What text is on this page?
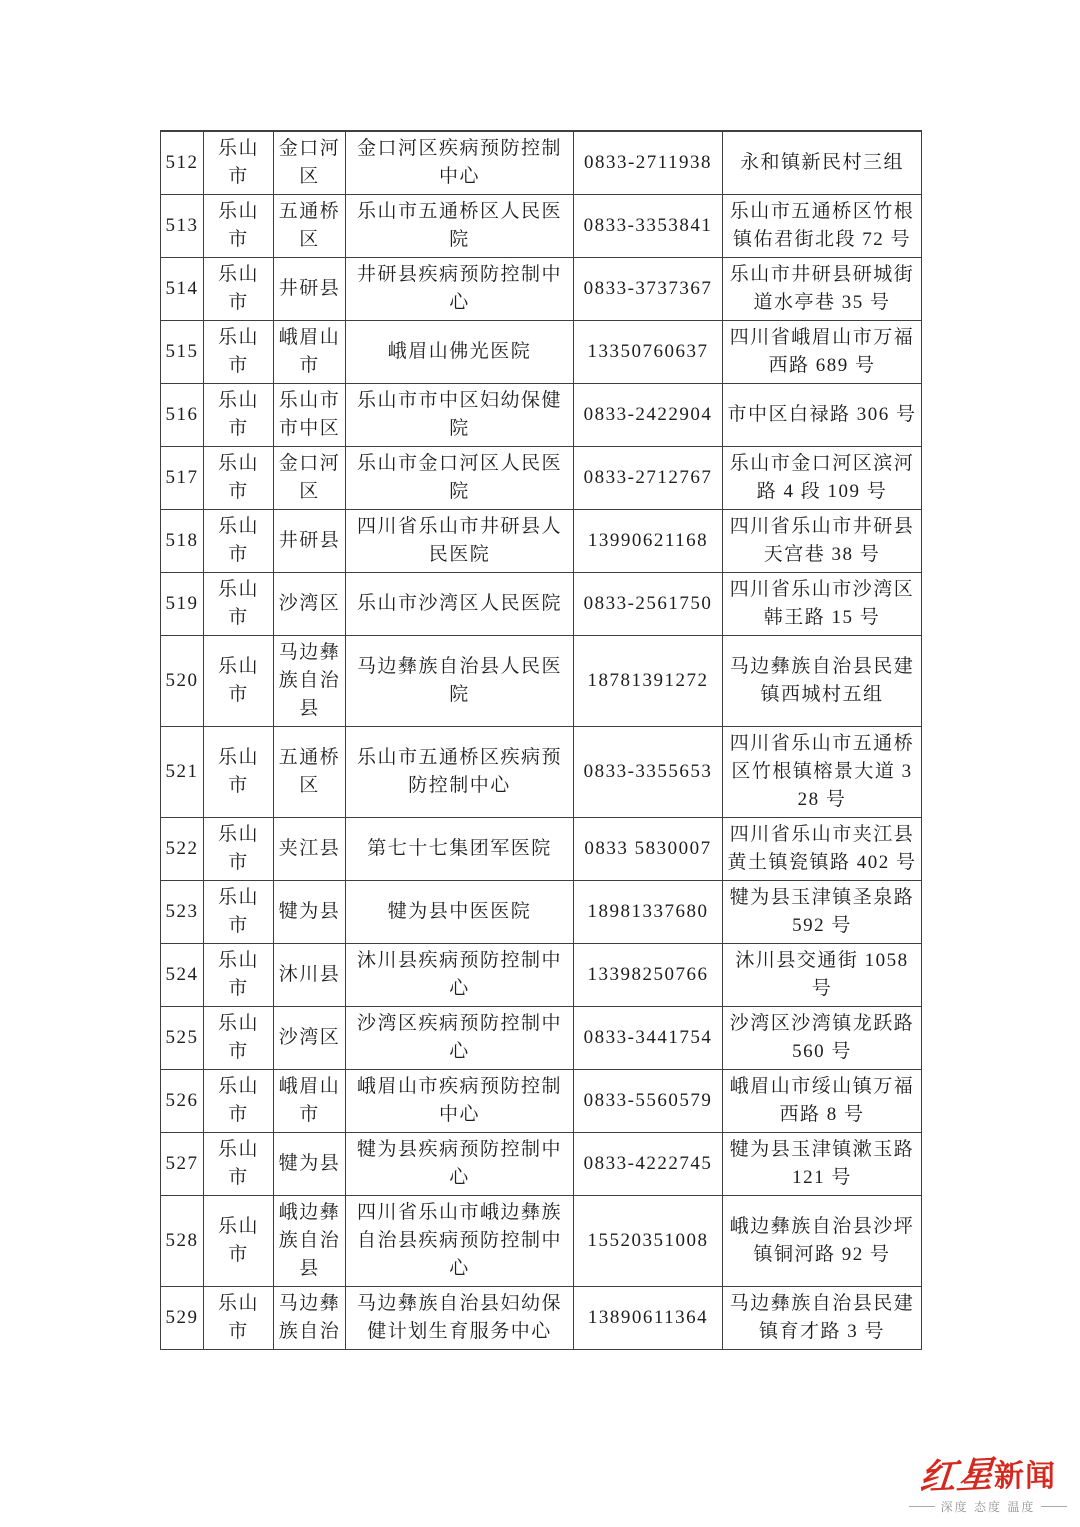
512	乐山市	金口河区	金口河区疾病预防控制中心	0833-2711938	永和镇新民村三组
513	乐山市	五通桥区	乐山市五通桥区人民医院	0833-3353841	乐山市五通桥区竹根镇佑君街北段 72 号
514	乐山市	井研县	井研县疾病预防控制中心	0833-3737367	乐山市井研县研城街道水亭巷 35 号
515	乐山市	峨眉山市	峨眉山佛光医院	13350760637	四川省峨眉山市万福西路 689 号
516	乐山市	乐山市市中区	乐山市市中区妇幼保健院	0833-2422904	市中区白禄路 306 号
517	乐山市	金口河区	乐山市金口河区人民医院	0833-2712767	乐山市金口河区滨河路 4 段 109 号
518	乐山市	井研县	四川省乐山市井研县人民医院	13990621168	四川省乐山市井研县天宫巷 38 号
519	乐山市	沙湾区	乐山市沙湾区人民医院	0833-2561750	四川省乐山市沙湾区韩王路 15 号
520	乐山市	马边彝族自治县	马边彝族自治县人民医院	18781391272	马边彝族自治县民建镇西城村五组
521	乐山市	五通桥区	乐山市五通桥区疾病预防控制中心	0833-3355653	四川省乐山市五通桥区竹根镇榕景大道 328 号
522	乐山市	夹江县	第七十七集团军医院	0833 5830007	四川省乐山市夹江县黄土镇瓷镇路 402 号
523	乐山市	犍为县	犍为县中医医院	18981337680	犍为县玉津镇圣泉路 592 号
524	乐山市	沐川县	沐川县疾病预防控制中心	13398250766	沐川县交通街 1058 号
525	乐山市	沙湾区	沙湾区疾病预防控制中心	0833-3441754	沙湾区沙湾镇龙跃路 560 号
526	乐山市	峨眉山市	峨眉山市疾病预防控制中心	0833-5560579	峨眉山市绥山镇万福西路 8 号
527	乐山市	犍为县	犍为县疾病预防控制中心	0833-4222745	犍为县玉津镇漱玉路 121 号
528	乐山市	峨边彝族自治县	四川省乐山市峨边彝族自治县疾病预防控制中心	15520351008	峨边彝族自治县沙坪镇铜河路 92 号
529	乐山市	马边彝族自治	马边彝族自治县妇幼保健计划生育服务中心	13890611364	马边彝族自治县民建镇育才路 3 号
红星新闻
深度 态度 温度
